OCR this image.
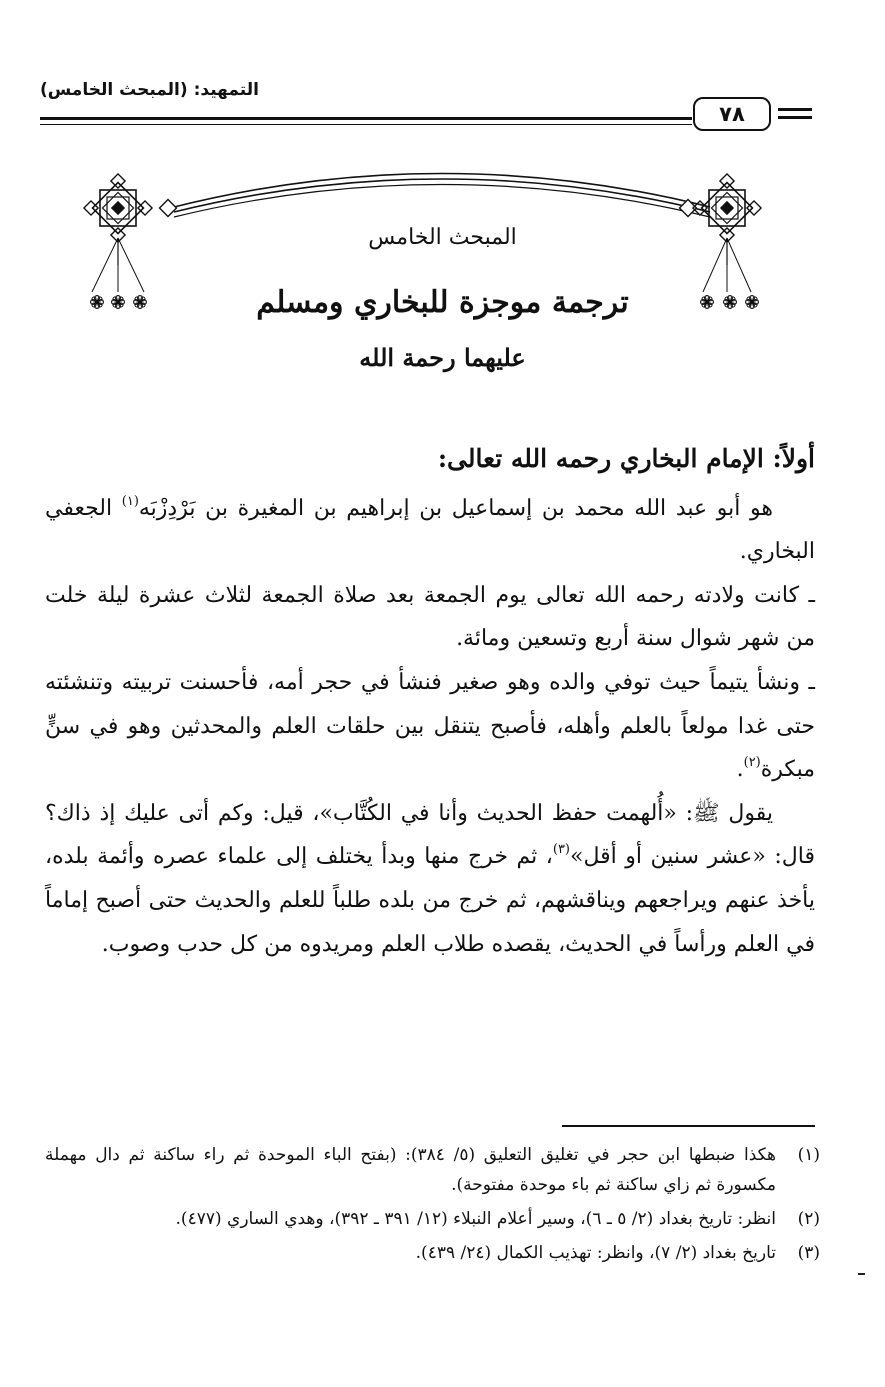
التمهيد: (المبحث الخامس)
٧٨
المبحث الخامس
ترجمة موجزة للبخاري ومسلم
عليهما رحمة الله

أولاً: الإمام البخاري رحمه الله تعالى:

هو أبو عبد الله محمد بن إسماعيل بن إبراهيم بن المغيرة بن بَرْدِزْبَه$^{(١)}$ الجعفي البخاري.

ـ كانت ولادته رحمه الله تعالى يوم الجمعة بعد صلاة الجمعة لثلاث عشرة ليلة خلت من شهر شوال سنة أربع وتسعين ومائة.

ـ ونشأ يتيماً حيث توفي والده وهو صغير فنشأ في حجر أمه، فأحسنت تربيته وتنشئته حتى غدا مولعاً بالعلم وأهله، فأصبح يتنقل بين حلقات العلم والمحدثين وهو في سنٍّ مبكرة$^{(٢)}$.

يقول ﷺ: «أُلهمت حفظ الحديث وأنا في الكُتَّاب»، قيل: وكم أتى عليك إذ ذاك؟ قال: «عشر سنين أو أقل»$^{(٣)}$، ثم خرج منها وبدأ يختلف إلى علماء عصره وأئمة بلده، يأخذ عنهم ويراجعهم ويناقشهم، ثم خرج من بلده طلباً للعلم والحديث حتى أصبح إماماً في العلم ورأساً في الحديث، يقصده طلاب العلم ومريدوه من كل حدب وصوب.

(١)
هكذا ضبطها ابن حجر في تغليق التعليق (٥/ ٣٨٤): (بفتح الباء الموحدة ثم راء ساكنة ثم دال مهملة مكسورة ثم زاي ساكنة ثم باء موحدة مفتوحة).
(٢)
انظر: تاريخ بغداد (٢/ ٥ ـ ٦)، وسير أعلام النبلاء (١٢/ ٣٩١ ـ ٣٩٢)، وهدي الساري (٤٧٧).
(٣)
تاريخ بغداد (٢/ ٧)، وانظر: تهذيب الكمال (٢٤/ ٤٣٩).
